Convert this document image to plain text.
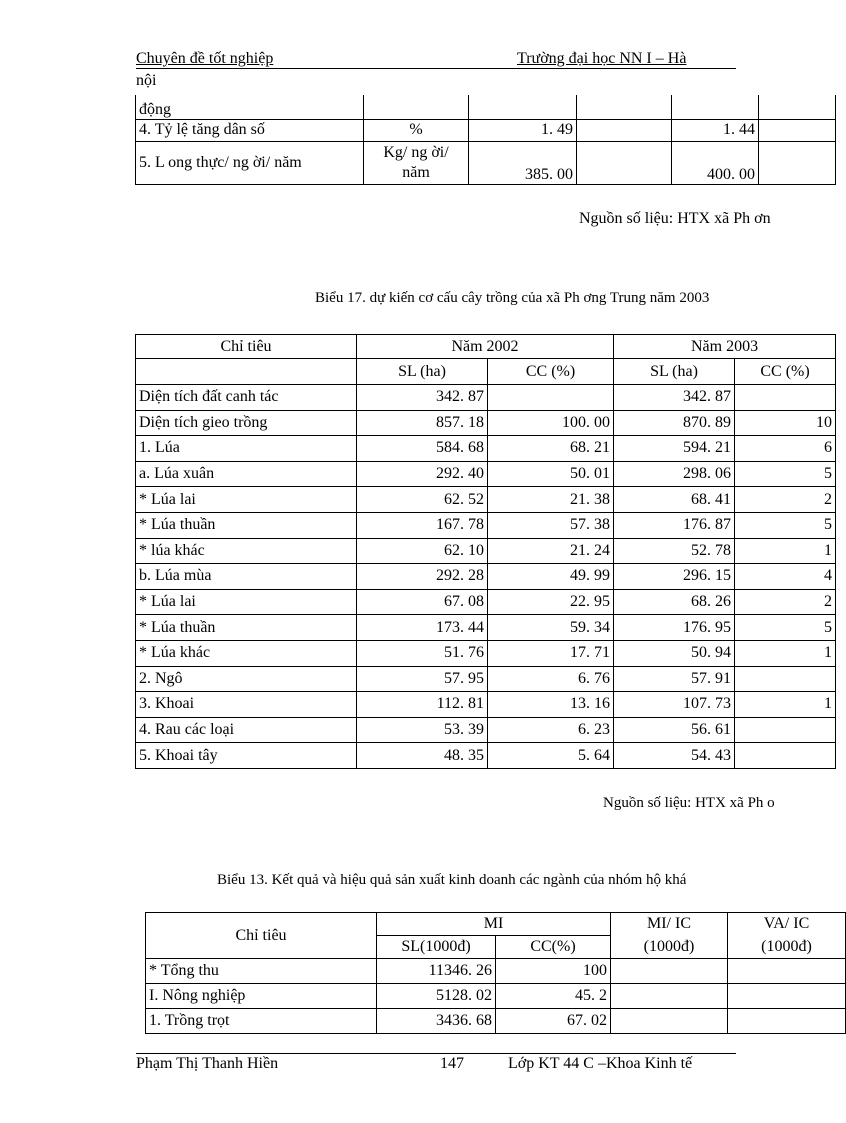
Chuyên đề tốt nghiệp	Trường đại học NN I – Hà
nội
động					
4. Tỷ lệ tăng dân số	%	1. 49		1. 44	
5. L ong thực/ ng ời/ năm	Kg/ ng ời/
năm	385. 00		400. 00	
Nguồn số liệu: HTX xã Ph ơn
Biểu 17. dự kiến cơ cấu cây trồng của xã Ph ơng Trung năm 2003
Chỉ tiêu	Năm 2002		Năm 2003	
	SL (ha)	CC (%)	SL (ha)	CC (%)
Diện tích đất canh tác	342. 87		342. 87	
Diện tích gieo trồng	857. 18	100. 00	870. 89	10
1. Lúa	584. 68	68. 21	594. 21	6
a. Lúa xuân	292. 40	50. 01	298. 06	5
* Lúa lai	62. 52	21. 38	68. 41	2
* Lúa thuần	167. 78	57. 38	176. 87	5
* lúa khác	62. 10	21. 24	52. 78	1
b. Lúa mùa	292. 28	49. 99	296. 15	4
* Lúa lai	67. 08	22. 95	68. 26	2
* Lúa thuần	173. 44	59. 34	176. 95	5
* Lúa khác	51. 76	17. 71	50. 94	1
2. Ngô	57. 95	6. 76	57. 91	
3. Khoai	112. 81	13. 16	107. 73	1
4. Rau các loại	53. 39	6. 23	56. 61	
5. Khoai tây	48. 35	5. 64	54. 43	
Nguồn số liệu: HTX xã Ph o
Biểu 13. Kết quả và hiệu quả sản xuất kinh doanh các ngành của nhóm hộ khá
Chỉ tiêu	MI		MI/ IC	VA/ IC
	SL(1000đ)	CC(%)	(1000đ)	(1000đ)
* Tổng thu	11346. 26	100		
I. Nông nghiệp	5128. 02	45. 2		
1. Trồng trọt	3436. 68	67. 02		
Phạm Thị Thanh Hiền	147	Lớp KT 44 C –Khoa Kinh tế
